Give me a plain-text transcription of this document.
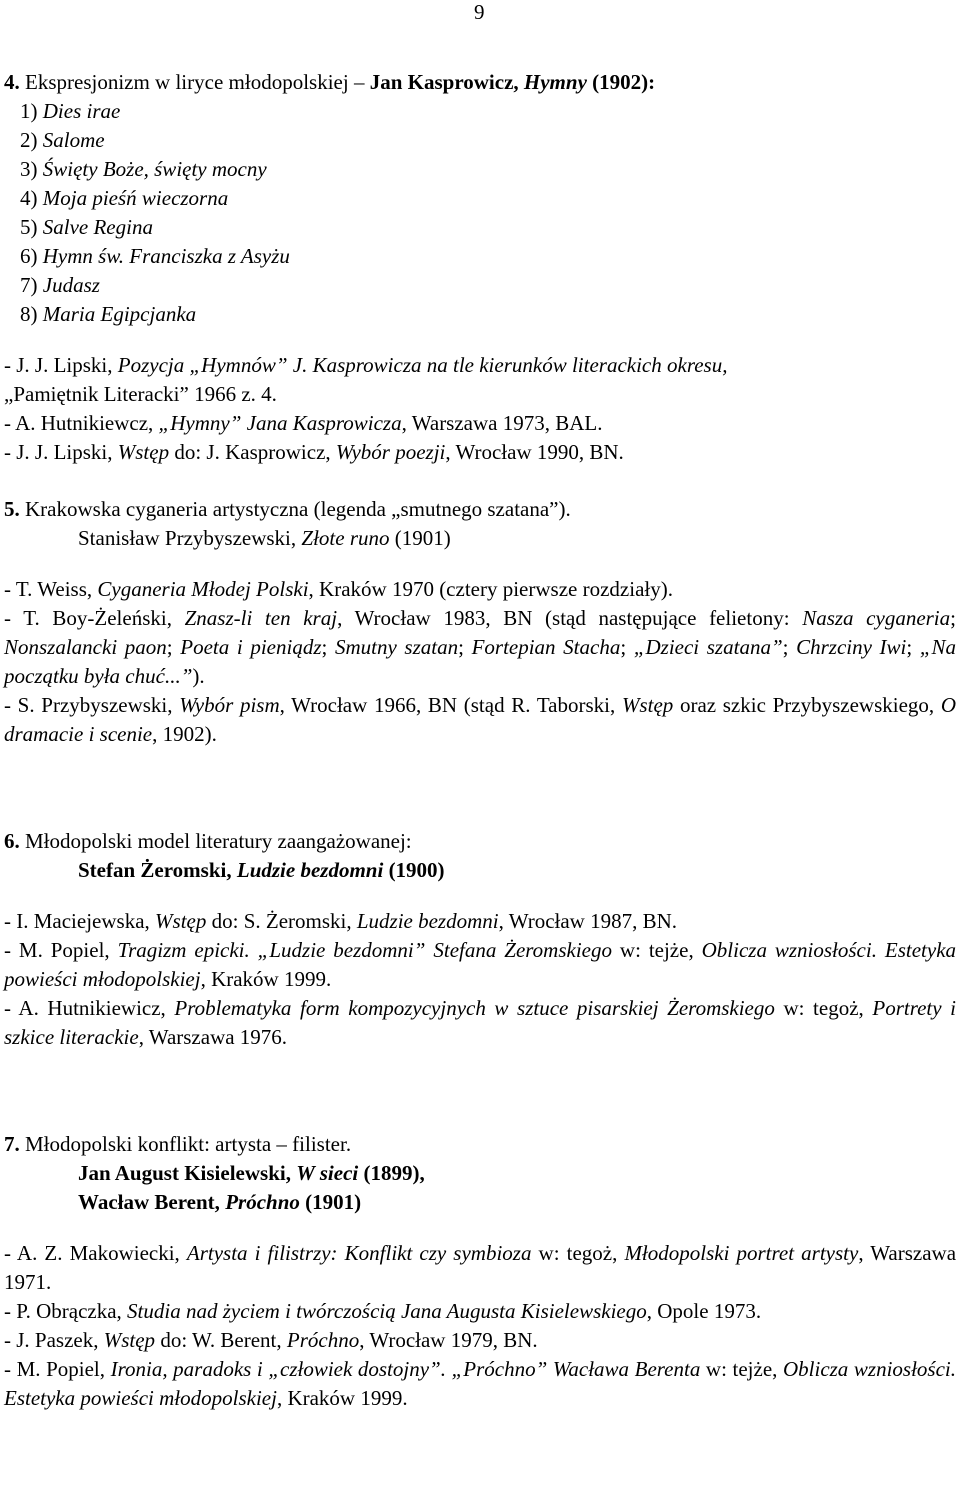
9
4. Ekspresjonizm w liryce młodopolskiej – Jan Kasprowicz, Hymny (1902):
1) Dies irae
2) Salome
3) Święty Boże, święty mocny
4) Moja pieśń wieczorna
5) Salve Regina
6) Hymn św. Franciszka z Asyżu
7) Judasz
8) Maria Egipcjanka
- J. J. Lipski, Pozycja „Hymnów” J. Kasprowicza na tle kierunków literackich okresu,
„Pamiętnik Literacki” 1966 z. 4.
- A. Hutnikiewcz, „Hymny” Jana Kasprowicza, Warszawa 1973, BAL.
- J. J. Lipski, Wstęp do: J. Kasprowicz, Wybór poezji, Wrocław 1990, BN.
5. Krakowska cyganeria artystyczna (legenda „smutnego szatana”).
Stanisław Przybyszewski, Złote runo (1901)
- T. Weiss, Cyganeria Młodej Polski, Kraków 1970 (cztery pierwsze rozdziały).
- T. Boy-Żeleński, Znasz-li ten kraj, Wrocław 1983, BN (stąd następujące felietony: Nasza cyganeria; Nonszalancki paon; Poeta i pieniądz; Smutny szatan; Fortepian Stacha; „Dzieci szatana”; Chrzciny Iwi; „Na początku była chuć...”).
- S. Przybyszewski, Wybór pism, Wrocław 1966, BN (stąd R. Taborski, Wstęp oraz szkic Przybyszewskiego, O dramacie i scenie, 1902).
6. Młodopolski model literatury zaangażowanej:
Stefan Żeromski, Ludzie bezdomni (1900)
- I. Maciejewska, Wstęp do: S. Żeromski, Ludzie bezdomni, Wrocław 1987, BN.
- M. Popiel, Tragizm epicki. „Ludzie bezdomni” Stefana Żeromskiego w: tejże, Oblicza wzniosłości. Estetyka powieści młodopolskiej, Kraków 1999.
- A. Hutnikiewicz, Problematyka form kompozycyjnych w sztuce pisarskiej Żeromskiego w: tegoż, Portrety i szkice literackie, Warszawa 1976.
7. Młodopolski konflikt: artysta – filister.
Jan August Kisielewski, W sieci (1899),
Wacław Berent, Próchno (1901)
- A. Z. Makowiecki, Artysta i filistrzy: Konflikt czy symbioza w: tegoż, Młodopolski portret artysty, Warszawa 1971.
- P. Obrączka, Studia nad życiem i twórczością Jana Augusta Kisielewskiego, Opole 1973.
- J. Paszek, Wstęp do: W. Berent, Próchno, Wrocław 1979, BN.
- M. Popiel, Ironia, paradoks i „człowiek dostojny”. „Próchno” Wacława Berenta w: tejże, Oblicza wzniosłości. Estetyka powieści młodopolskiej, Kraków 1999.
